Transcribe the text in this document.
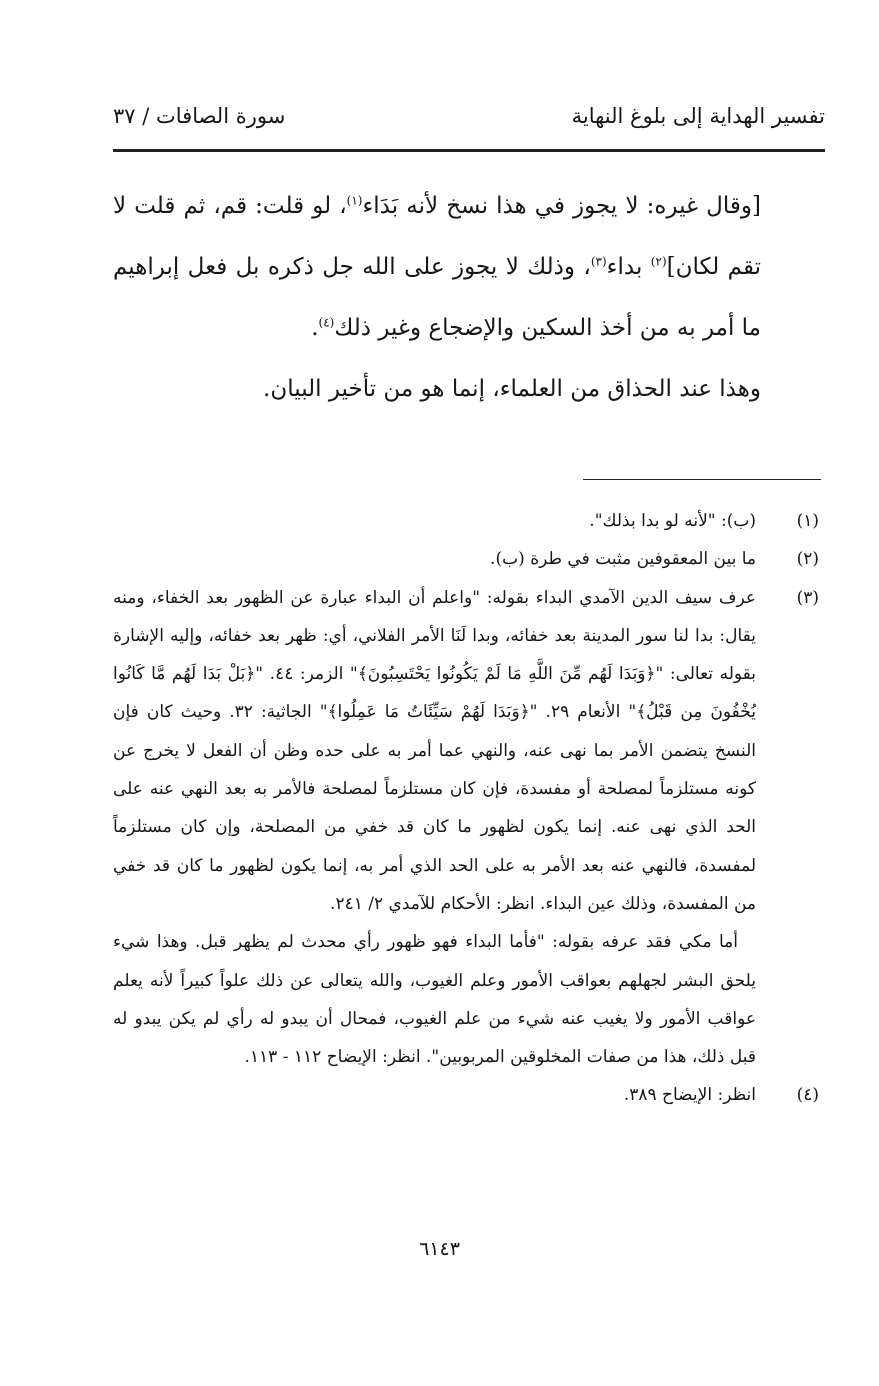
تفسير الهداية إلى بلوغ النهاية
سورة الصافات / ٣٧

[وقال غيره: لا يجوز في هذا نسخ لأنه بَدَاء$^{(١)}$، لو قلت: قم، ثم قلت لا تقم لكان]$^{(٢)}$ بداء$^{(٣)}$، وذلك لا يجوز على الله جل ذكره بل فعل إبراهيم ما أمر به من أخذ السكين والإضجاع وغير ذلك$^{(٤)}$.

وهذا عند الحذاق من العلماء، إنما هو من تأخير البيان.

(١)
(ب): "لأنه لو بدا بذلك".
(٢)
ما بين المعقوفين مثبت في طرة (ب).
(٣)
عرف سيف الدين الآمدي البداء بقوله: "واعلم أن البداء عبارة عن الظهور بعد الخفاء، ومنه يقال: بدا لنا سور المدينة بعد خفائه، وبدا لَنَا الأمر الفلاني، أي: ظهر بعد خفائه، وإليه الإشارة بقوله تعالى: "﴿وَبَدَا لَهُم مِّنَ اللَّهِ مَا لَمْ يَكُونُوا يَحْتَسِبُونَ﴾" الزمر: ٤٤. "﴿بَلْ بَدَا لَهُم مَّا كَانُوا يُخْفُونَ مِن قَبْلُ﴾" الأنعام ٢٩. "﴿وَبَدَا لَهُمْ سَيِّئَاتُ مَا عَمِلُوا﴾" الجاثية: ٣٢. وحيث كان فإن النسخ يتضمن الأمر بما نهى عنه، والنهي عما أمر به على حده وظن أن الفعل لا يخرج عن كونه مستلزماً لمصلحة أو مفسدة، فإن كان مستلزماً لمصلحة فالأمر به بعد النهي عنه على الحد الذي نهى عنه. إنما يكون لظهور ما كان قد خفي من المصلحة، وإن كان مستلزماً لمفسدة، فالنهي عنه بعد الأمر به على الحد الذي أمر به، إنما يكون لظهور ما كان قد خفي من المفسدة، وذلك عين البداء. انظر: الأحكام للآمدي ٢/ ٢٤١.
أما مكي فقد عرفه بقوله: "فأما البداء فهو ظهور رأي محدث لم يظهر قبل. وهذا شيء يلحق البشر لجهلهم بعواقب الأمور وعلم الغيوب، والله يتعالى عن ذلك علواً كبيراً لأنه يعلم عواقب الأمور ولا يغيب عنه شيء من علم الغيوب، فمحال أن يبدو له رأي لم يكن يبدو له قبل ذلك، هذا من صفات المخلوقين المربوبين". انظر: الإيضاح ١١٢ - ١١٣.
(٤)
انظر: الإيضاح ٣٨٩.
٦١٤٣
